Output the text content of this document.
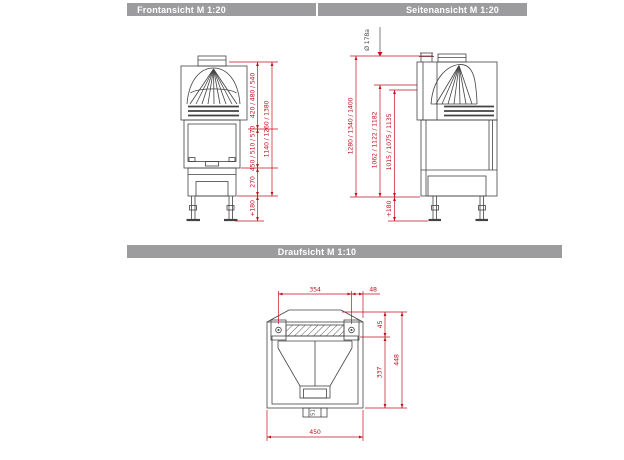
Frontansicht M 1:20	Seitenansicht M 1:20
Draufsicht M 1:10
420 / 480 / 540
450 / 510 / 570
270
+180
1140 / 1260 / 1380
Ø 178a
1280 / 1340 / 1400	1062 / 1122 / 1182 1015 / 1075 / 1135
+180
51
354	48
45
337
448
450
